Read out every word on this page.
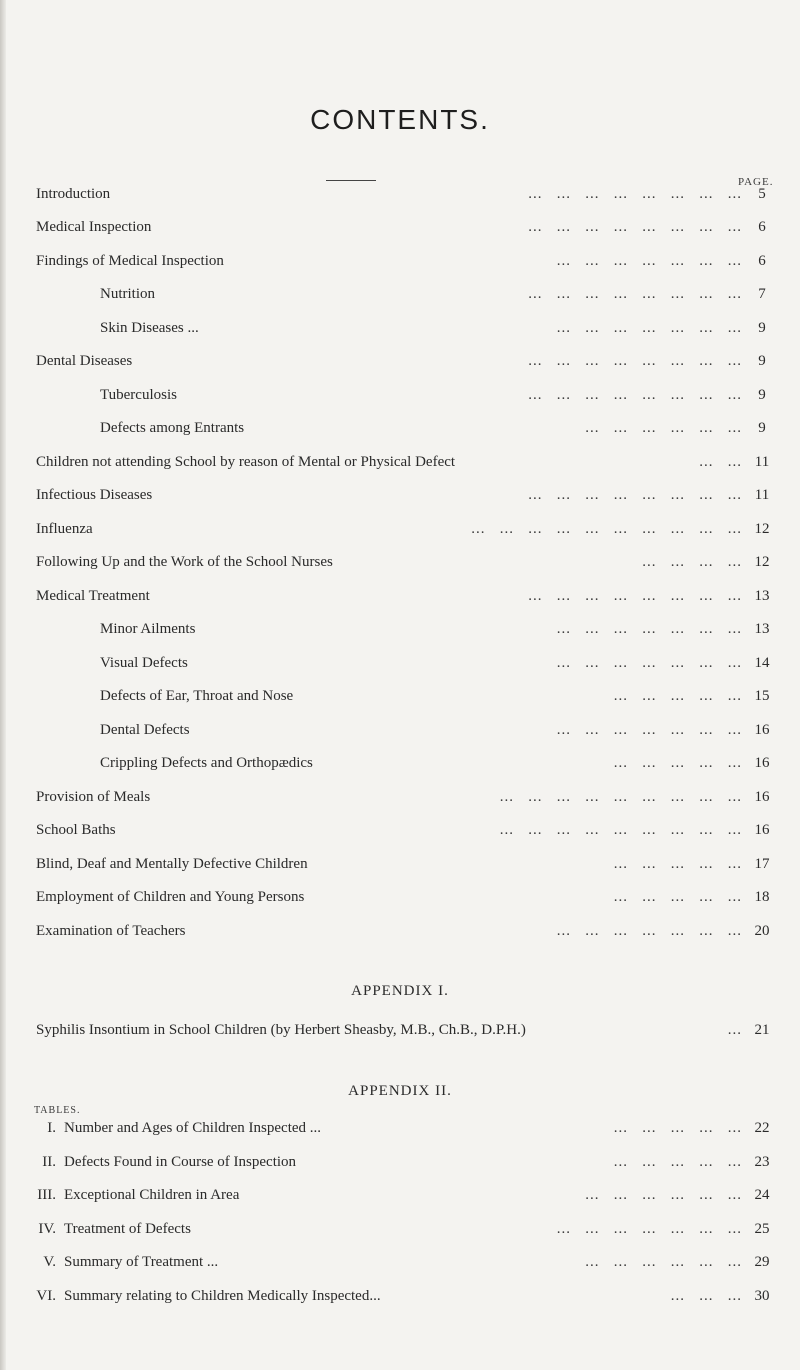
CONTENTS.
PAGE.
Introduction	...   ...   ...   ...   ...   ...   ...   ...	5
Medical Inspection	...   ...   ...   ...   ...   ...   ...   ...	6
Findings of Medical Inspection	...   ...   ...   ...   ...   ...   ...	6
Nutrition	...   ...   ...   ...   ...   ...   ...   ...	7
Skin Diseases ...	...   ...   ...   ...   ...   ...   ...	9
Dental Diseases	...   ...   ...   ...   ...   ...   ...   ...	9
Tuberculosis	...   ...   ...   ...   ...   ...   ...   ...	9
Defects among Entrants	...   ...   ...   ...   ...   ...	9
Children not attending School by reason of Mental or Physical Defect	...   ... 11
Infectious Diseases	...   ...   ...   ...   ...   ...   ...   ... 11
Influenza	...   ...   ...   ...   ...   ...   ...   ...   ...   ... 12
Following Up and the Work of the School Nurses	...   ...   ...   ... 12
Medical Treatment	...   ...   ...   ...   ...   ...   ...   ... 13
Minor Ailments	...   ...   ...   ...   ...   ...   ... 13
Visual Defects	...   ...   ...   ...   ...   ...   ... 14
Defects of Ear, Throat and Nose	...   ...   ...   ...   ... 15
Dental Defects	...   ...   ...   ...   ...   ...   ... 16
Crippling Defects and Orthopædics	...   ...   ...   ...   ... 16
Provision of Meals	...   ...   ...   ...   ...   ...   ...   ...   ... 16
School Baths	...   ...   ...   ...   ...   ...   ...   ...   ... 16
Blind, Deaf and Mentally Defective Children	...   ...   ...   ...   ... 17
Employment of Children and Young Persons	...   ...   ...   ...   ... 18
Examination of Teachers	...   ...   ...   ...   ...   ...   ... 20
APPENDIX I.
Syphilis Insontium in School Children (by Herbert Sheasby, M.B., Ch.B., D.P.H.)	... 21
APPENDIX II.
TABLES.
I. Number and Ages of Children Inspected ...	...   ...   ...   ...   ... 22
II. Defects Found in Course of Inspection	...   ...   ...   ...   ... 23
III. Exceptional Children in Area	...   ...   ...   ...   ...   ... 24
IV. Treatment of Defects	...   ...   ...   ...   ...   ...   ... 25
V. Summary of Treatment ...	...   ...   ...   ...   ...   ... 29
VI. Summary relating to Children Medically Inspected...	...   ...   ... 30
